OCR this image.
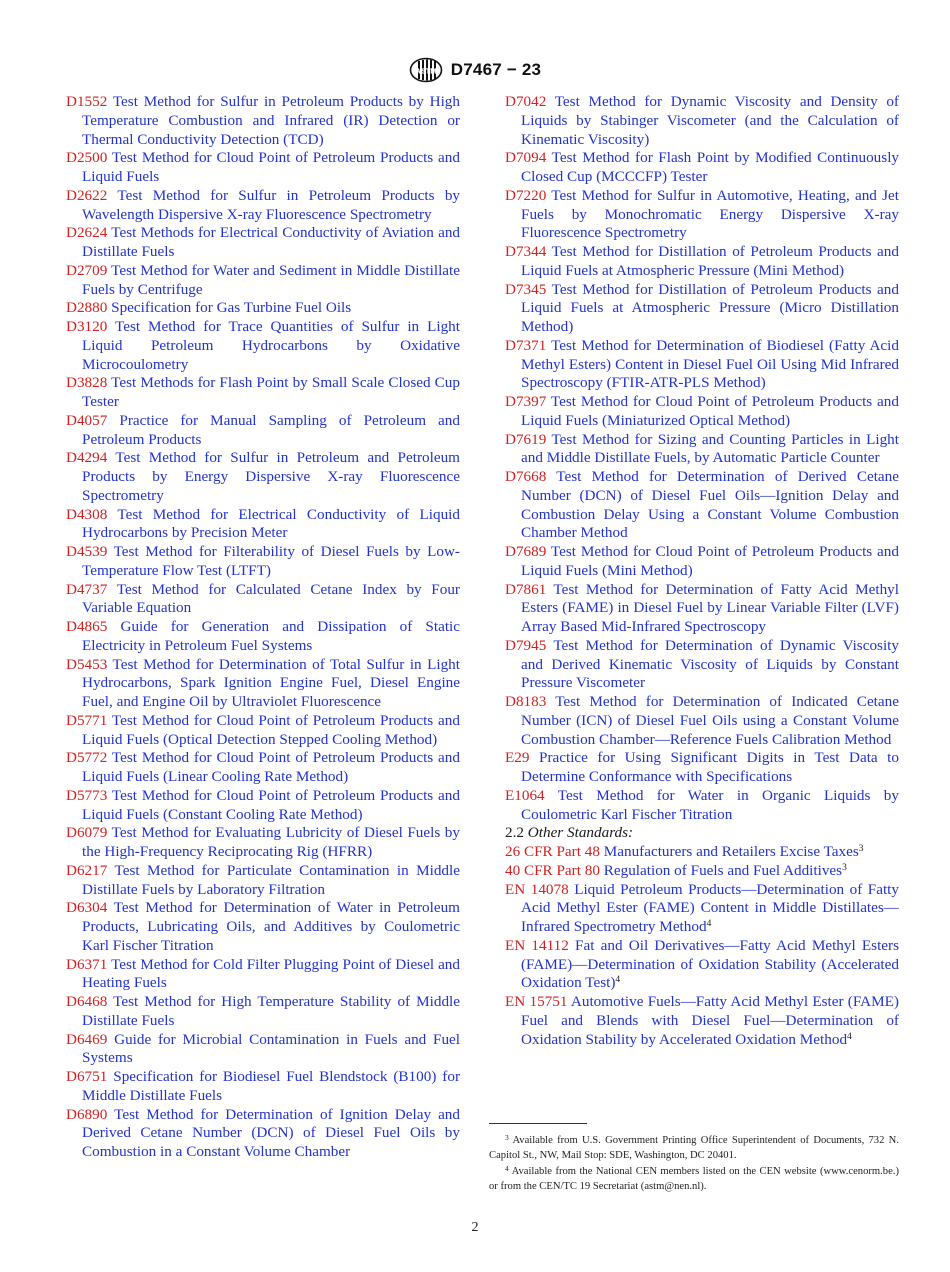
ASTM D7467 − 23

D1552 Test Method for Sulfur in Petroleum Products by High Temperature Combustion and Infrared (IR) Detection or Thermal Conductivity Detection (TCD)

D2500 Test Method for Cloud Point of Petroleum Products and Liquid Fuels

D2622 Test Method for Sulfur in Petroleum Products by Wavelength Dispersive X-ray Fluorescence Spectrometry

D2624 Test Methods for Electrical Conductivity of Aviation and Distillate Fuels

D2709 Test Method for Water and Sediment in Middle Distillate Fuels by Centrifuge

D2880 Specification for Gas Turbine Fuel Oils

D3120 Test Method for Trace Quantities of Sulfur in Light Liquid Petroleum Hydrocarbons by Oxidative Microcoulometry

D3828 Test Methods for Flash Point by Small Scale Closed Cup Tester

D4057 Practice for Manual Sampling of Petroleum and Petroleum Products

D4294 Test Method for Sulfur in Petroleum and Petroleum Products by Energy Dispersive X-ray Fluorescence Spectrometry

D4308 Test Method for Electrical Conductivity of Liquid Hydrocarbons by Precision Meter

D4539 Test Method for Filterability of Diesel Fuels by Low-Temperature Flow Test (LTFT)

D4737 Test Method for Calculated Cetane Index by Four Variable Equation

D4865 Guide for Generation and Dissipation of Static Electricity in Petroleum Fuel Systems

D5453 Test Method for Determination of Total Sulfur in Light Hydrocarbons, Spark Ignition Engine Fuel, Diesel Engine Fuel, and Engine Oil by Ultraviolet Fluorescence

D5771 Test Method for Cloud Point of Petroleum Products and Liquid Fuels (Optical Detection Stepped Cooling Method)

D5772 Test Method for Cloud Point of Petroleum Products and Liquid Fuels (Linear Cooling Rate Method)

D5773 Test Method for Cloud Point of Petroleum Products and Liquid Fuels (Constant Cooling Rate Method)

D6079 Test Method for Evaluating Lubricity of Diesel Fuels by the High-Frequency Reciprocating Rig (HFRR)

D6217 Test Method for Particulate Contamination in Middle Distillate Fuels by Laboratory Filtration

D6304 Test Method for Determination of Water in Petroleum Products, Lubricating Oils, and Additives by Coulometric Karl Fischer Titration

D6371 Test Method for Cold Filter Plugging Point of Diesel and Heating Fuels

D6468 Test Method for High Temperature Stability of Middle Distillate Fuels

D6469 Guide for Microbial Contamination in Fuels and Fuel Systems

D6751 Specification for Biodiesel Fuel Blendstock (B100) for Middle Distillate Fuels

D6890 Test Method for Determination of Ignition Delay and Derived Cetane Number (DCN) of Diesel Fuel Oils by Combustion in a Constant Volume Chamber

D7042 Test Method for Dynamic Viscosity and Density of Liquids by Stabinger Viscometer (and the Calculation of Kinematic Viscosity)

D7094 Test Method for Flash Point by Modified Continuously Closed Cup (MCCCFP) Tester

D7220 Test Method for Sulfur in Automotive, Heating, and Jet Fuels by Monochromatic Energy Dispersive X-ray Fluorescence Spectrometry

D7344 Test Method for Distillation of Petroleum Products and Liquid Fuels at Atmospheric Pressure (Mini Method)

D7345 Test Method for Distillation of Petroleum Products and Liquid Fuels at Atmospheric Pressure (Micro Distillation Method)

D7371 Test Method for Determination of Biodiesel (Fatty Acid Methyl Esters) Content in Diesel Fuel Oil Using Mid Infrared Spectroscopy (FTIR-ATR-PLS Method)

D7397 Test Method for Cloud Point of Petroleum Products and Liquid Fuels (Miniaturized Optical Method)

D7619 Test Method for Sizing and Counting Particles in Light and Middle Distillate Fuels, by Automatic Particle Counter

D7668 Test Method for Determination of Derived Cetane Number (DCN) of Diesel Fuel Oils—Ignition Delay and Combustion Delay Using a Constant Volume Combustion Chamber Method

D7689 Test Method for Cloud Point of Petroleum Products and Liquid Fuels (Mini Method)

D7861 Test Method for Determination of Fatty Acid Methyl Esters (FAME) in Diesel Fuel by Linear Variable Filter (LVF) Array Based Mid-Infrared Spectroscopy

D7945 Test Method for Determination of Dynamic Viscosity and Derived Kinematic Viscosity of Liquids by Constant Pressure Viscometer

D8183 Test Method for Determination of Indicated Cetane Number (ICN) of Diesel Fuel Oils using a Constant Volume Combustion Chamber—Reference Fuels Calibration Method

E29 Practice for Using Significant Digits in Test Data to Determine Conformance with Specifications

E1064 Test Method for Water in Organic Liquids by Coulometric Karl Fischer Titration

2.2 Other Standards:

26 CFR Part 48 Manufacturers and Retailers Excise Taxes$^3$

40 CFR Part 80 Regulation of Fuels and Fuel Additives$^3$

EN 14078 Liquid Petroleum Products—Determination of Fatty Acid Methyl Ester (FAME) Content in Middle Distillates—Infrared Spectrometry Method$^4$

EN 14112 Fat and Oil Derivatives—Fatty Acid Methyl Esters (FAME)—Determination of Oxidation Stability (Accelerated Oxidation Test)$^4$

EN 15751 Automotive Fuels—Fatty Acid Methyl Ester (FAME) Fuel and Blends with Diesel Fuel—Determination of Oxidation Stability by Accelerated Oxidation Method$^4$

$^3$ Available from U.S. Government Printing Office Superintendent of Documents, 732 N. Capitol St., NW, Mail Stop: SDE, Washington, DC 20401.

$^4$ Available from the National CEN members listed on the CEN website (www.cenorm.be.) or from the CEN/TC 19 Secretariat (astm@nen.nl).

2
